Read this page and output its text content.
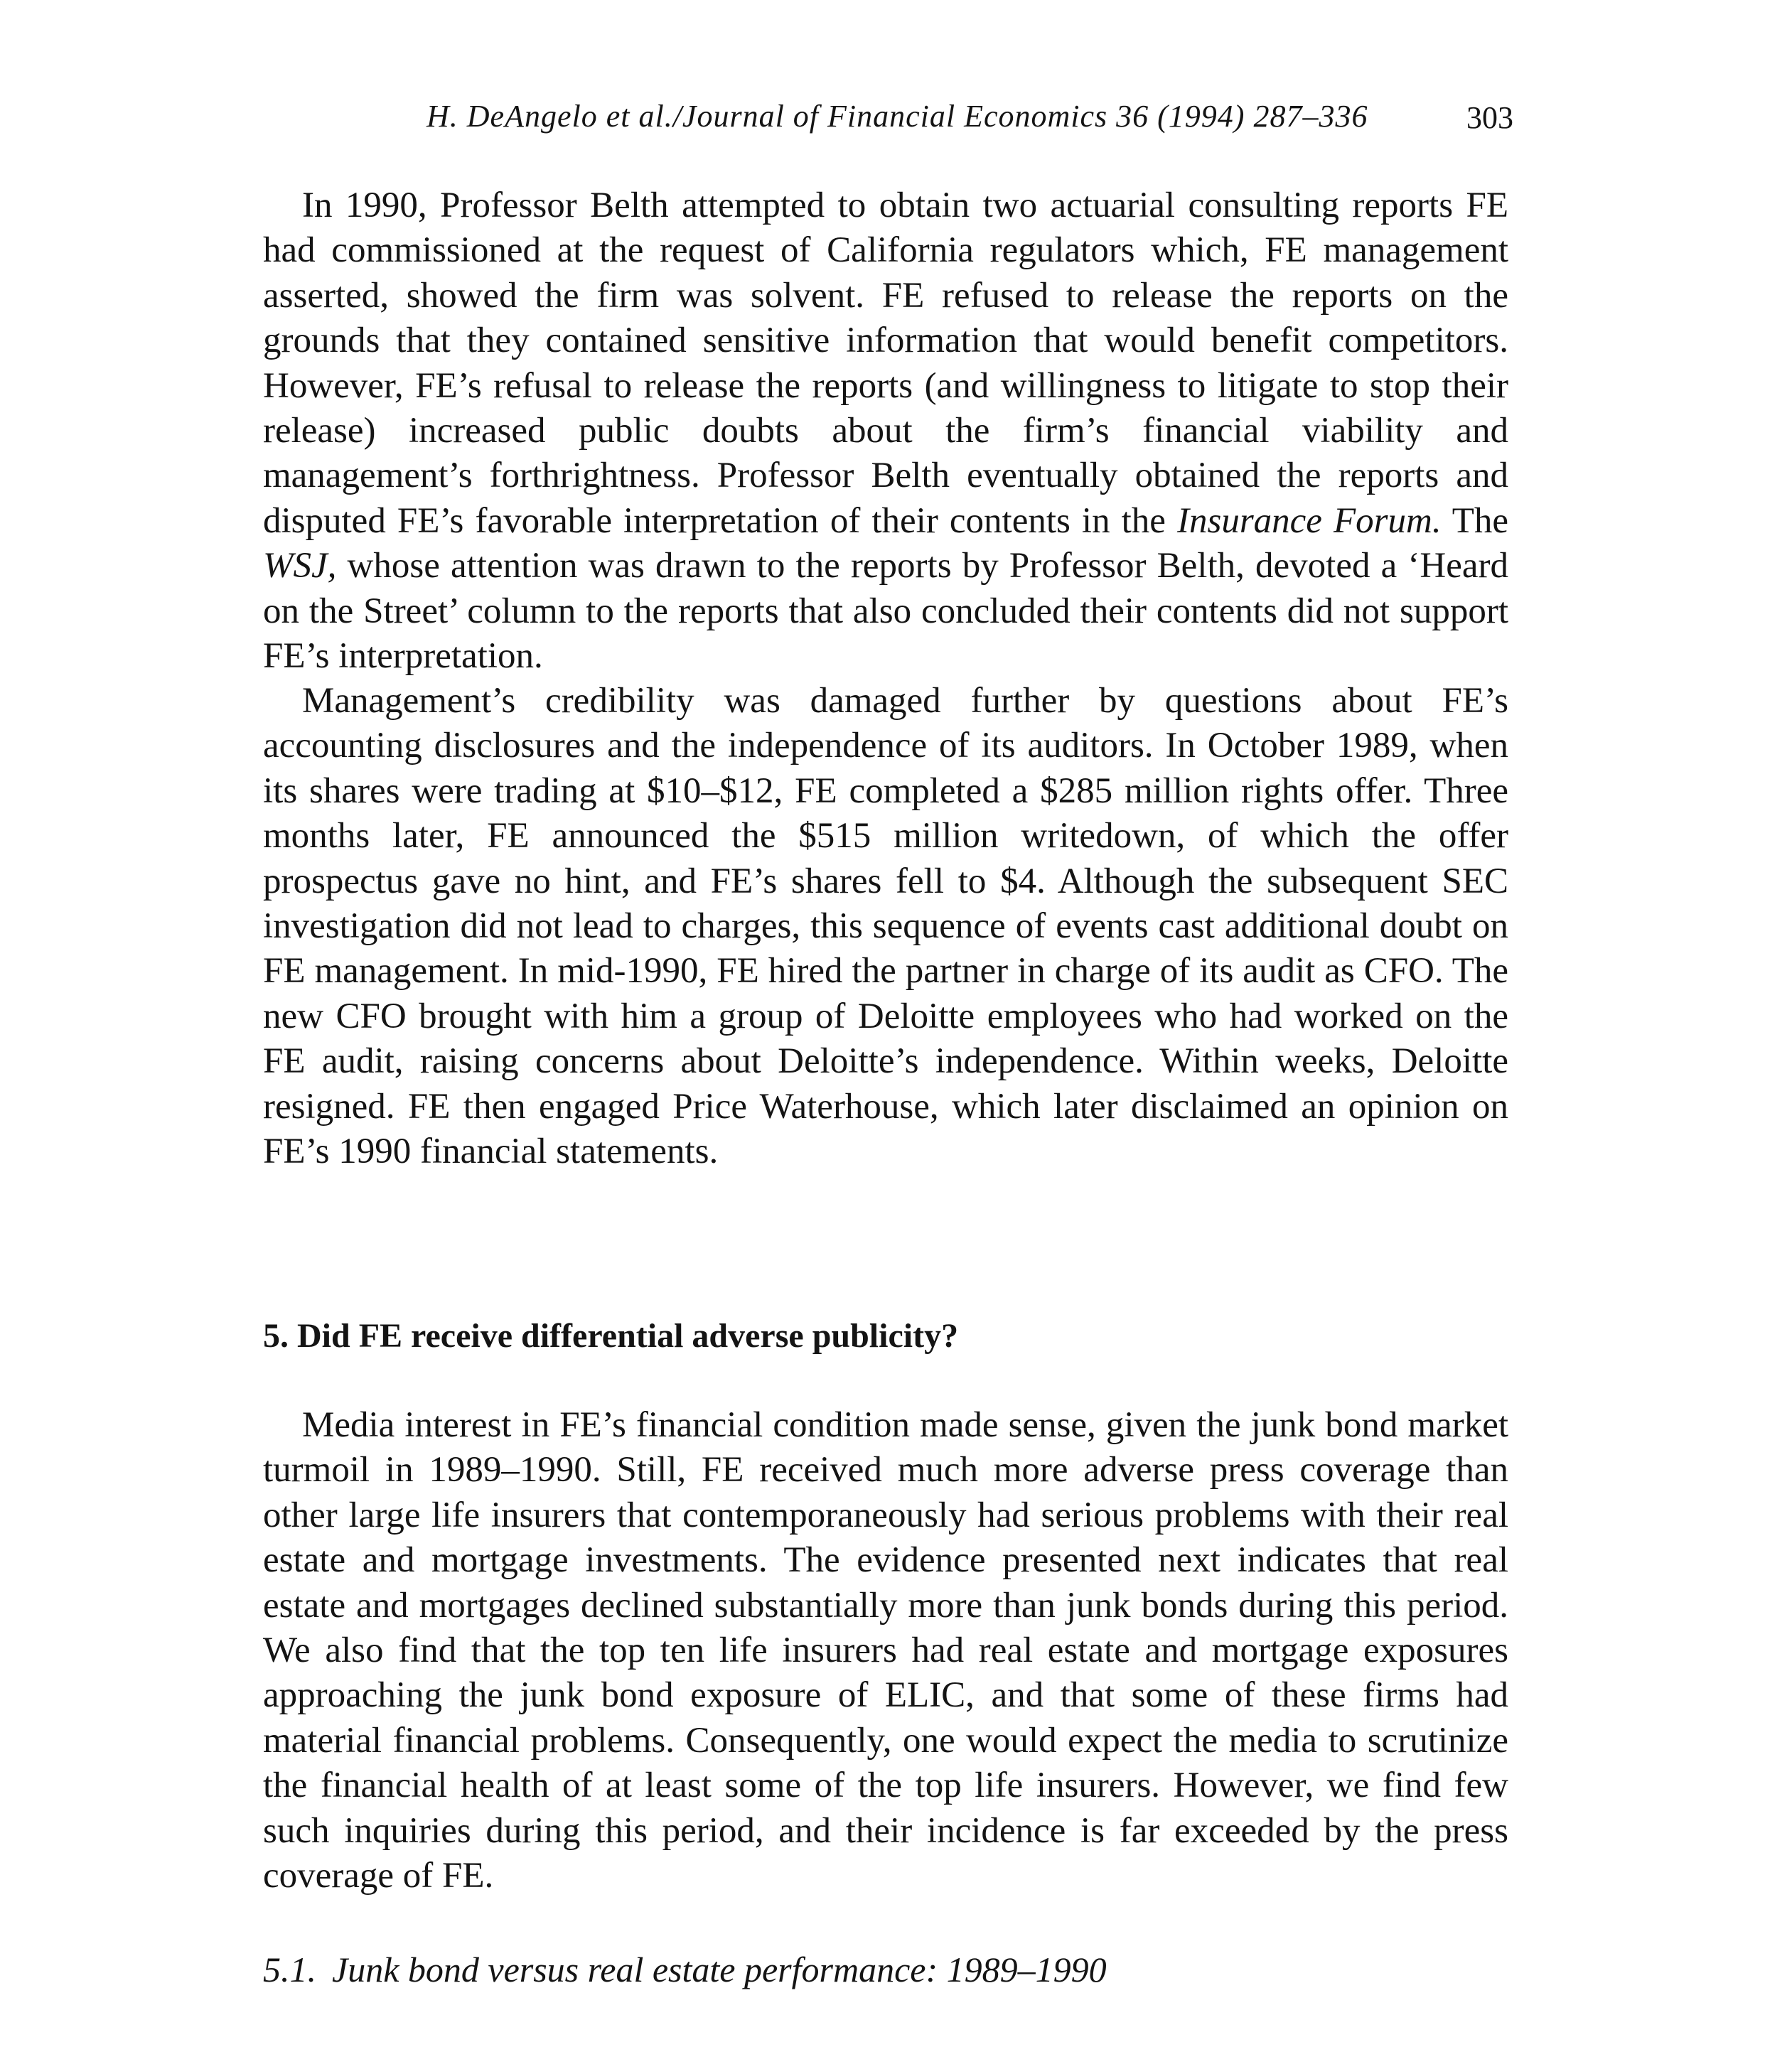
H. DeAngelo et al./Journal of Financial Economics 36 (1994) 287–336	303

In 1990, Professor Belth attempted to obtain two actuarial consulting reports FE had commissioned at the request of California regulators which, FE management asserted, showed the firm was solvent. FE refused to release the reports on the grounds that they contained sensitive information that would benefit competitors. However, FE’s refusal to release the reports (and willingness to litigate to stop their release) increased public doubts about the firm’s financial viability and management’s forthrightness. Professor Belth eventually obtained the reports and disputed FE’s favorable interpretation of their contents in the Insurance Forum. The WSJ, whose attention was drawn to the reports by Professor Belth, devoted a ‘Heard on the Street’ column to the reports that also concluded their contents did not support FE’s interpretation.

Management’s credibility was damaged further by questions about FE’s accounting disclosures and the independence of its auditors. In October 1989, when its shares were trading at $10–$12, FE completed a $285 million rights offer. Three months later, FE announced the $515 million writedown, of which the offer prospectus gave no hint, and FE’s shares fell to $4. Although the subsequent SEC investigation did not lead to charges, this sequence of events cast additional doubt on FE management. In mid-1990, FE hired the partner in charge of its audit as CFO. The new CFO brought with him a group of Deloitte employees who had worked on the FE audit, raising concerns about Deloitte’s independence. Within weeks, Deloitte resigned. FE then engaged Price Waterhouse, which later disclaimed an opinion on FE’s 1990 financial statements.

5. Did FE receive differential adverse publicity?

Media interest in FE’s financial condition made sense, given the junk bond market turmoil in 1989–1990. Still, FE received much more adverse press coverage than other large life insurers that contemporaneously had serious problems with their real estate and mortgage investments. The evidence presented next indicates that real estate and mortgages declined substantially more than junk bonds during this period. We also find that the top ten life insurers had real estate and mortgage exposures approaching the junk bond exposure of ELIC, and that some of these firms had material financial problems. Consequently, one would expect the media to scrutinize the financial health of at least some of the top life insurers. However, we find few such inquiries during this period, and their incidence is far exceeded by the press coverage of FE.

5.1. Junk bond versus real estate performance: 1989–1990
